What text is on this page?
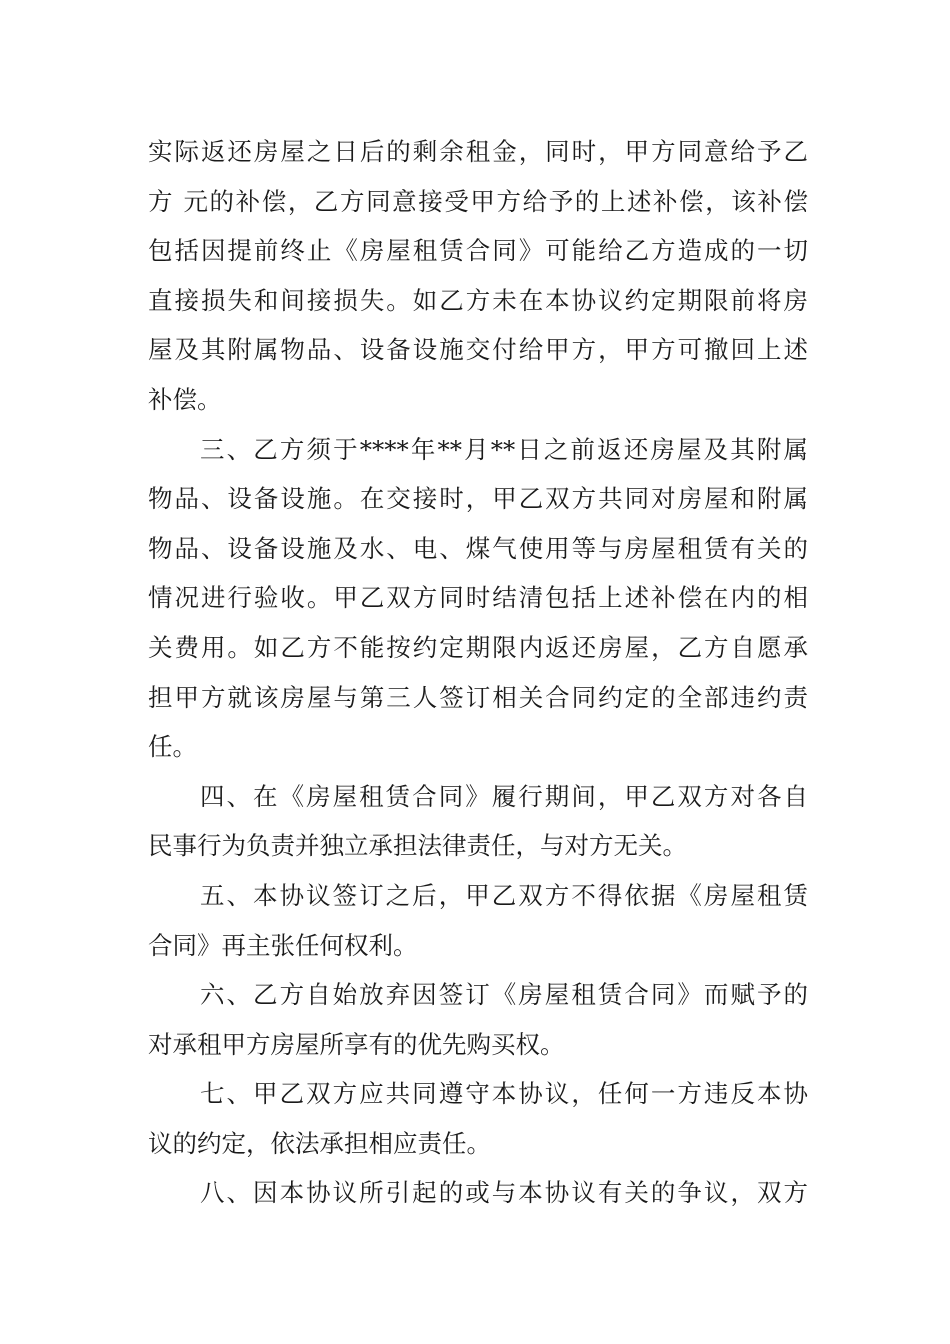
实际返还房屋之日后的剩余租金，同时，甲方同意给予乙
方 元的补偿，乙方同意接受甲方给予的上述补偿，该补偿
包括因提前终止《房屋租赁合同》可能给乙方造成的一切
直接损失和间接损失。如乙方未在本协议约定期限前将房
屋及其附属物品、设备设施交付给甲方，甲方可撤回上述
补偿。
三、乙方须于****年**月**日之前返还房屋及其附属
物品、设备设施。在交接时，甲乙双方共同对房屋和附属
物品、设备设施及水、电、煤气使用等与房屋租赁有关的
情况进行验收。甲乙双方同时结清包括上述补偿在内的相
关费用。如乙方不能按约定期限内返还房屋，乙方自愿承
担甲方就该房屋与第三人签订相关合同约定的全部违约责
任。
四、在《房屋租赁合同》履行期间，甲乙双方对各自
民事行为负责并独立承担法律责任，与对方无关。
五、本协议签订之后，甲乙双方不得依据《房屋租赁
合同》再主张任何权利。
六、乙方自始放弃因签订《房屋租赁合同》而赋予的
对承租甲方房屋所享有的优先购买权。
七、甲乙双方应共同遵守本协议，任何一方违反本协
议的约定，依法承担相应责任。
八、因本协议所引起的或与本协议有关的争议，双方
